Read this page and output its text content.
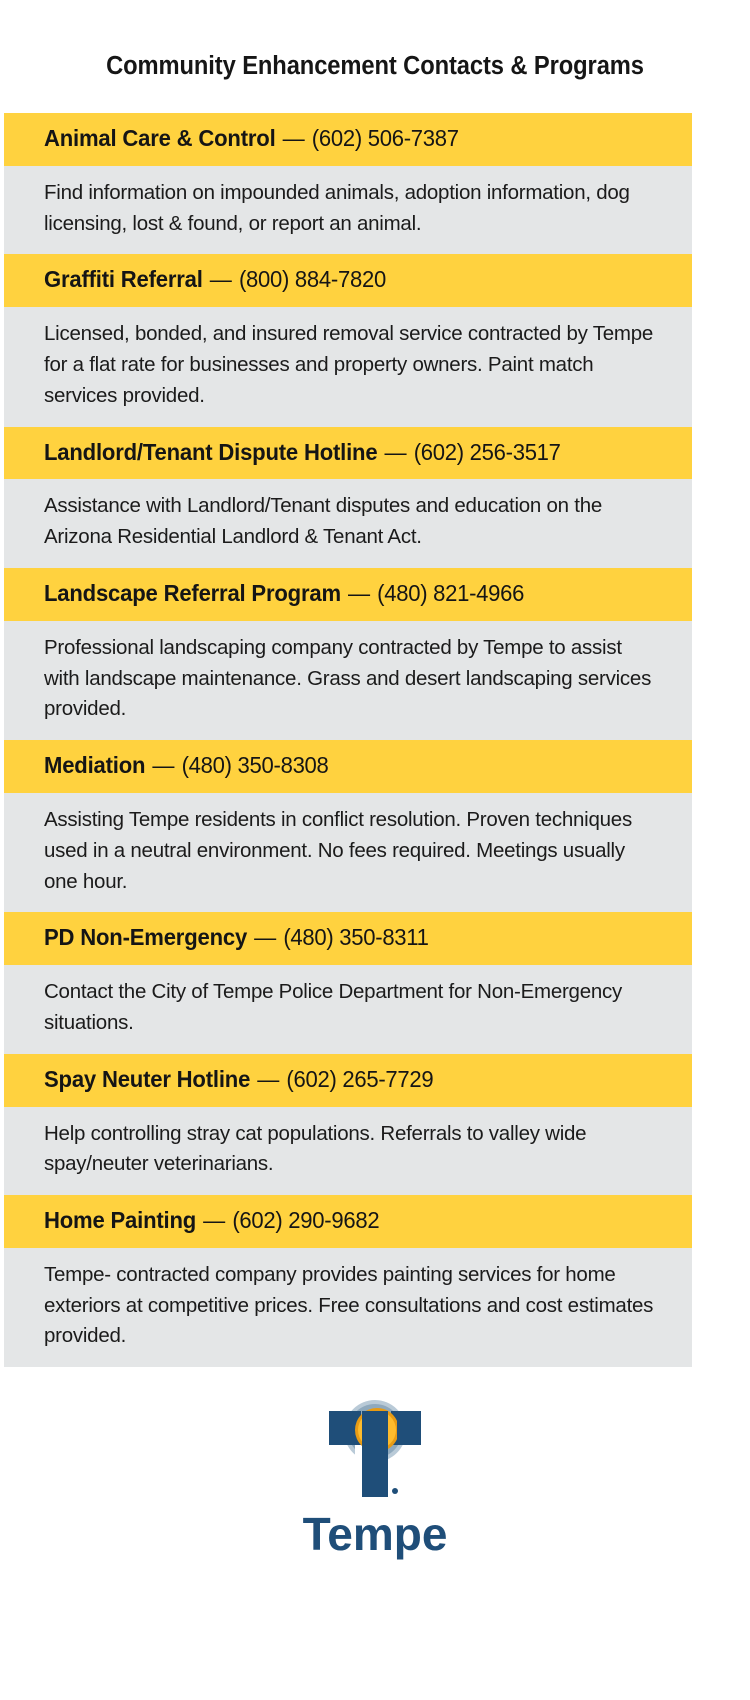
Community Enhancement Contacts & Programs
Animal Care & Control — (602) 506-7387
Find information on impounded animals, adoption information, dog licensing, lost & found, or report an animal.
Graffiti Referral — (800) 884-7820
Licensed, bonded, and insured removal service contracted by Tempe for a flat rate for businesses and property owners. Paint match services provided.
Landlord/Tenant Dispute Hotline — (602) 256-3517
Assistance with Landlord/Tenant disputes and education on the Arizona Residential Landlord & Tenant Act.
Landscape Referral Program — (480) 821-4966
Professional landscaping company contracted by Tempe to assist with landscape maintenance. Grass and desert landscaping services provided.
Mediation — (480) 350-8308
Assisting Tempe residents in conflict resolution. Proven techniques used in a neutral environment. No fees required. Meetings usually one hour.
PD Non-Emergency — (480) 350-8311
Contact the City of Tempe Police Department for Non-Emergency situations.
Spay Neuter Hotline — (602) 265-7729
Help controlling stray cat populations. Referrals to valley wide spay/neuter veterinarians.
Home Painting — (602) 290-9682
Tempe- contracted company provides painting services for home exteriors at competitive prices. Free consultations and cost estimates provided.
Tempe
